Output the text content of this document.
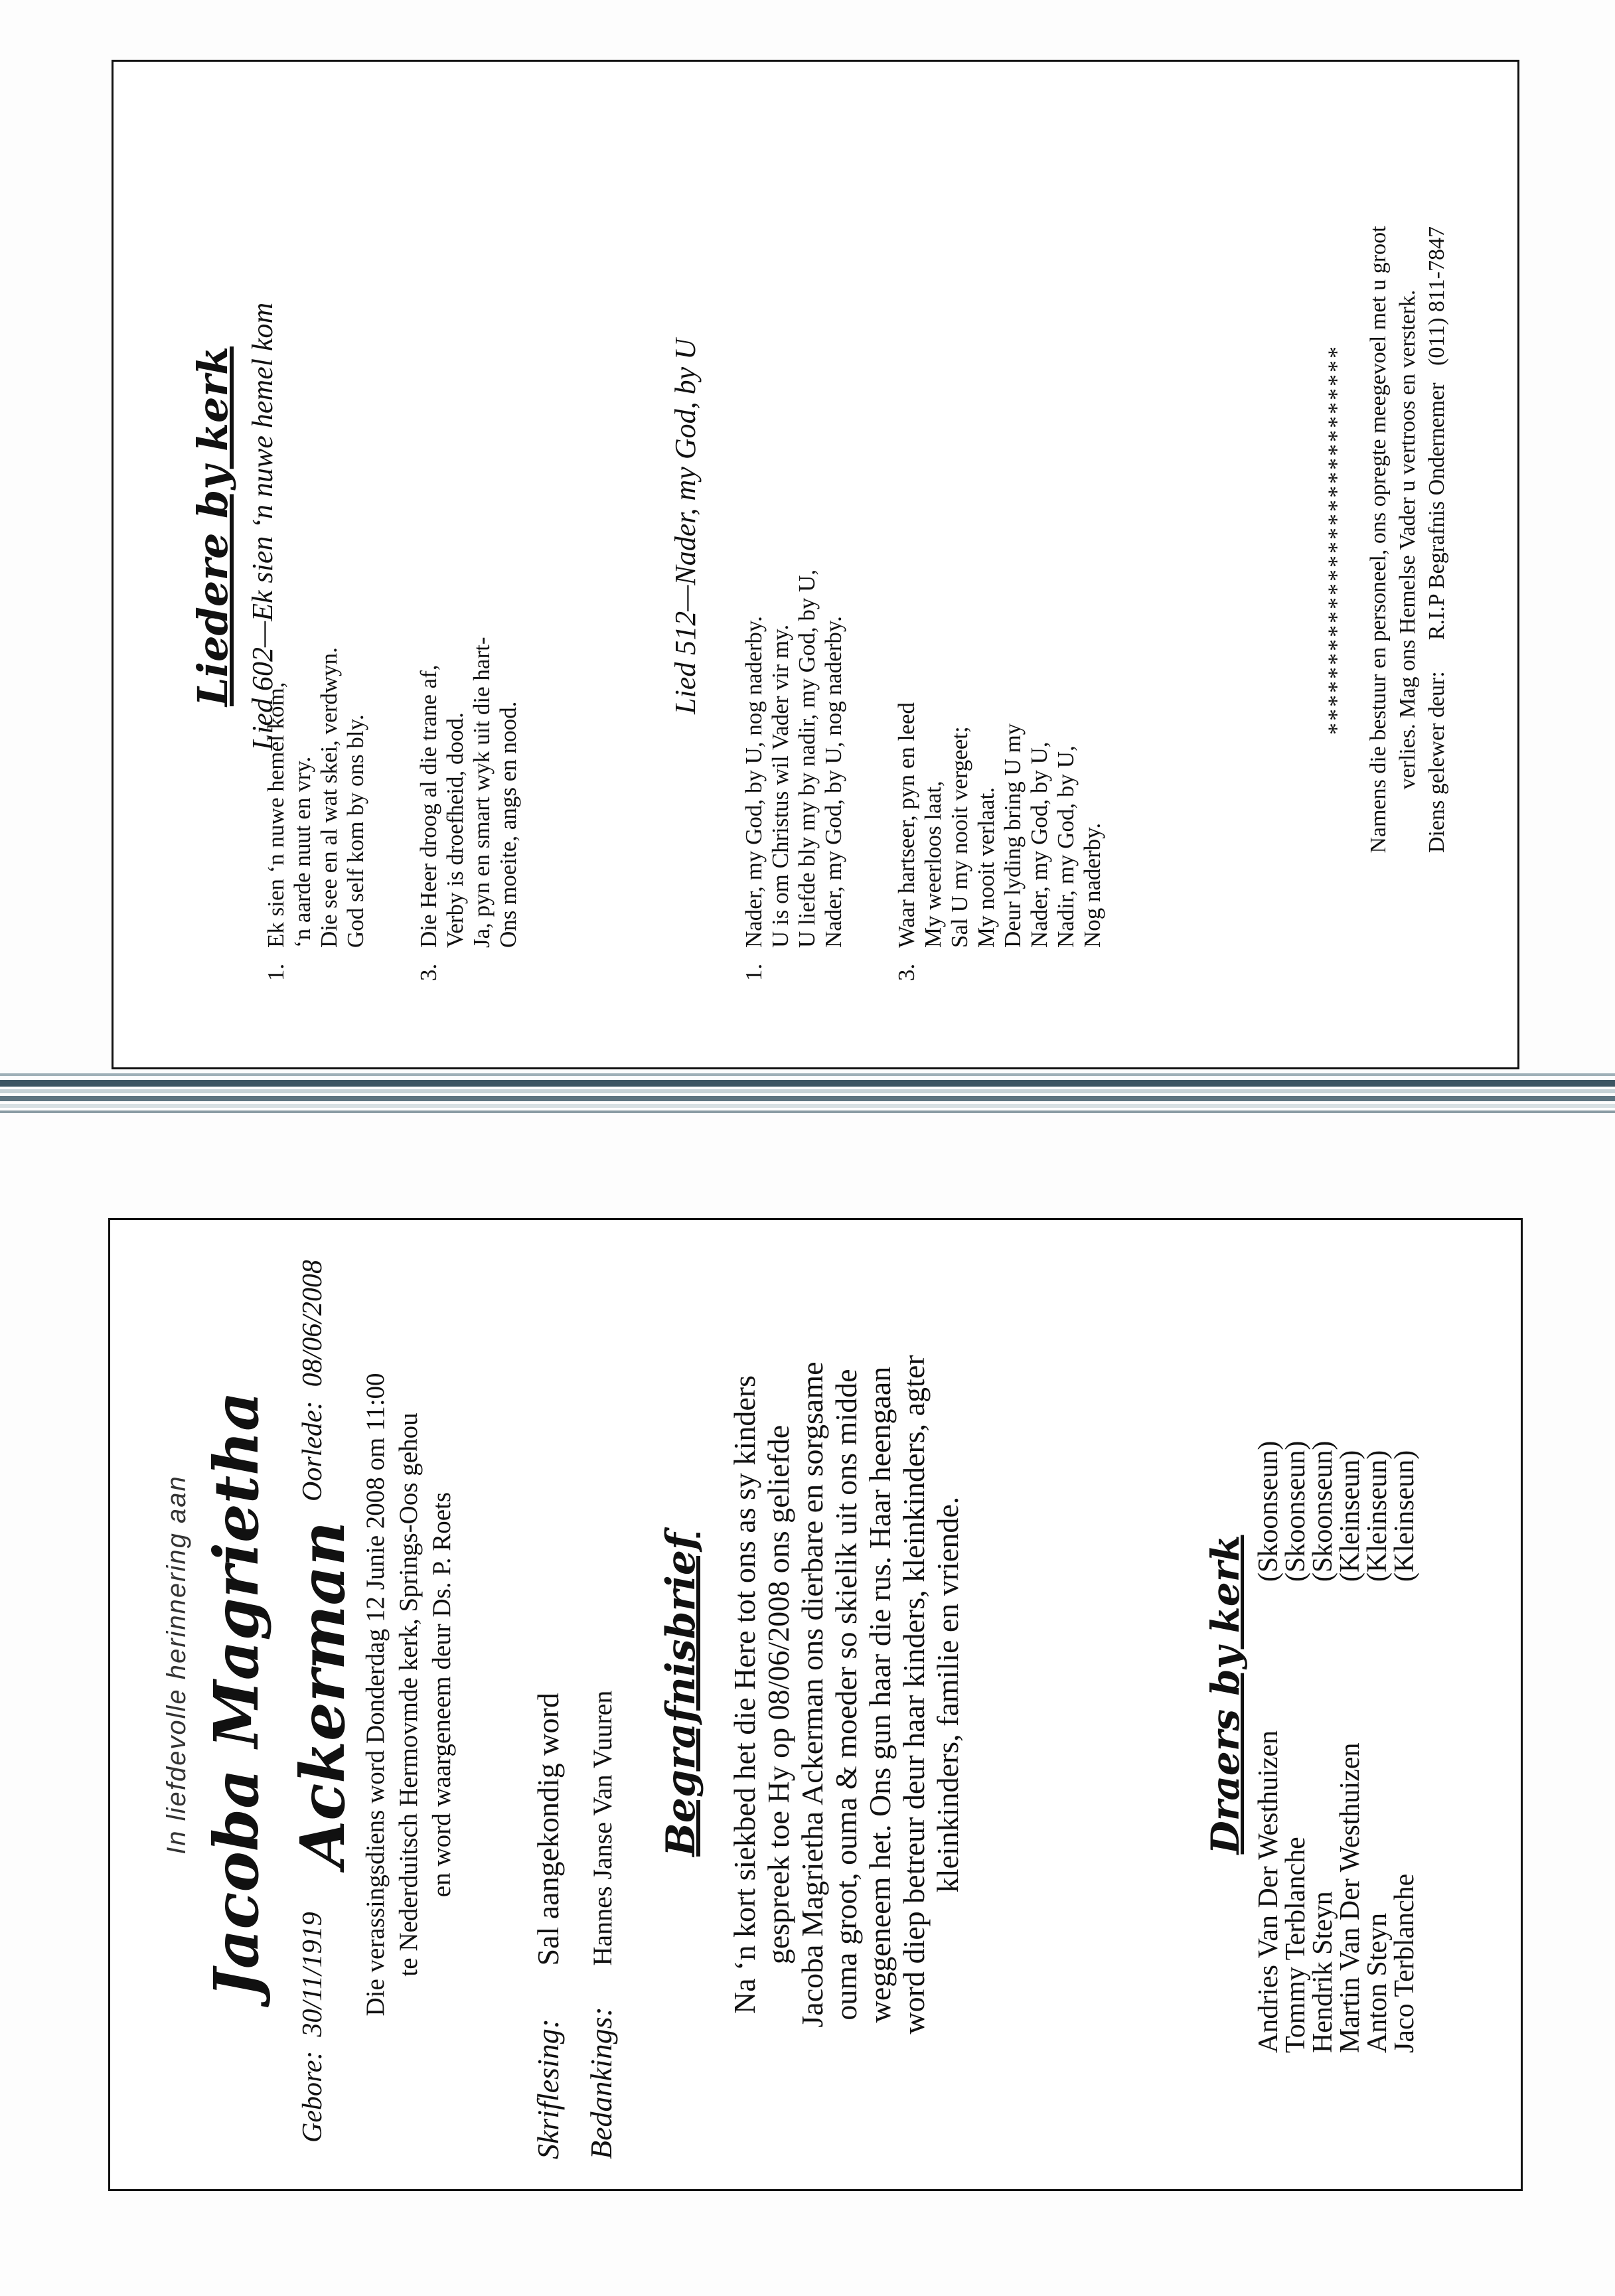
Liedere by kerk Lied 602—Ek sien ‘n nuwe hemel kom
1.
Ek sien ‘n nuwe hemel kom, ‘n aarde nuut en vry. Die see en al wat skei, verdwyn. God self kom by ons bly.
3.
Die Heer droog al die trane af, Verby is droefheid, dood. Ja, pyn en smart wyk uit die hart- Ons moeite, angs en nood.
Lied 512—Nader, my God, by U
1.
Nader, my God, by U, nog naderby. U is om Christus wil Vader vir my. U liefde bly my by nadir, my God, by U, Nader, my God, by U, nog naderby.
3.
Waar hartseer, pyn en leed My weerloos laat, Sal U my nooit vergeet; My nooit verlaat. Deur lyding bring U my Nader, my God, by U, Nadir, my God, by U, Nog naderby.
**************************** Namens die bestuur en personeel, ons opregte meegevoel met u groot verlies. Mag ons Hemelse Vader u vertroos en versterk. Diens gelewer deur:  R.I.P Begrafnis Ondernemer   (011) 811-7847
In liefdevolle herinnering aan Jacoba Magrietha Ackerman
Gebore:  30/11/1919
Oorlede:  08/06/2008
Die verassingsdiens word Donderdag 12 Junie 2008 om 11:00 te Nederduitsch Hermovmde kerk, Springs-Oos gehou en word waargeneem deur Ds. P. Roets
Skriflesing: Sal aangekondig word
Bedankings: Hannes Janse Van Vuuren Begrafnisbrief Na ‘n kort siekbed het die Here tot ons as sy kinders gespreek toe Hy op 08/06/2008 ons geliefde Jacoba Magrietha Ackerman ons dierbare en sorgsame ouma groot, ouma & moeder so skielik uit ons midde weggeneem het. Ons gun haar die rus. Haar heengaan word diep betreur deur haar kinders, kleinkinders, agter kleinkinders, familie en vriende.	Draers by kerk
Andries Van Der Westhuizen
(Skoonseun)
Tommy Terblanche
(Skoonseun)
Hendrik Steyn
(Skoonseun)
Martin Van Der Westhuizen
(Kleinseun)
Anton Steyn
(Kleinseun)
Jaco Terblanche
(Kleinseun)
